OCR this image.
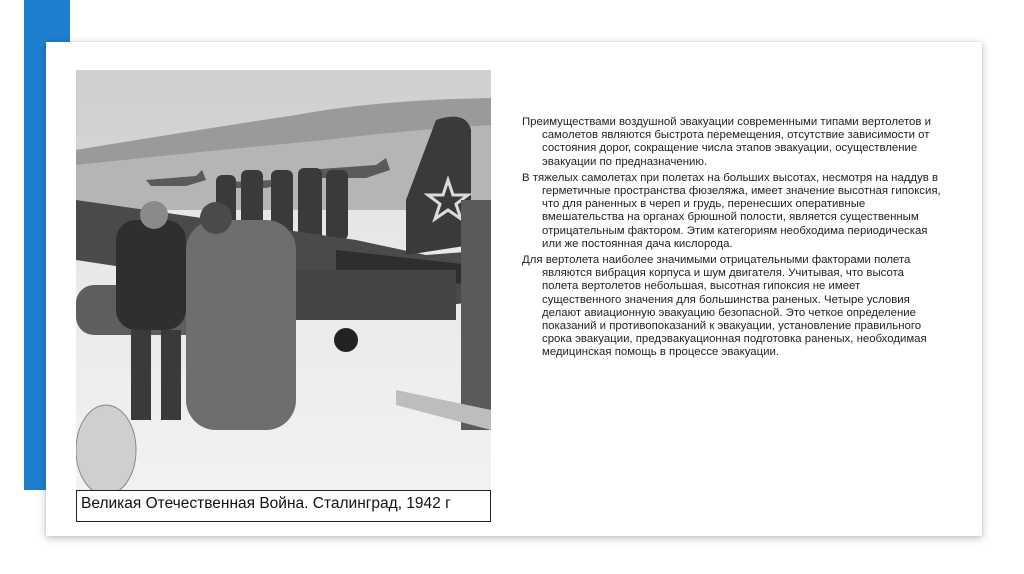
Великая Отечественная Война. Сталинград, 1942 г

Преимуществами воздушной эвакуации современными типами вертолетов и самолетов являются быстрота перемещения, отсутствие зависимости от состояния дорог, сокращение числа этапов эвакуации, осуществление эвакуации по предназначению.

В тяжелых самолетах при полетах на больших высотах, несмотря на наддув в герметичные пространства фюзеляжа, имеет значение высотная гипоксия, что для раненных в череп и грудь, перенесших оперативные вмешательства на органах брюшной полости, является существенным отрицательным фактором. Этим категориям необходима периодическая или же постоянная дача кислорода.

Для вертолета наиболее значимыми отрицательными факторами полета являются вибрация корпуса и шум двигателя. Учитывая, что высота полета вертолетов небольшая, высотная гипоксия не имеет существенного значения для большинства раненых. Четыре условия делают авиационную эвакуацию безопасной. Это четкое определение показаний и противопоказаний к эвакуации, установление правильного срока эвакуации, предэвакуационная подготовка раненых, необходимая медицинская помощь в процессе эвакуации.
